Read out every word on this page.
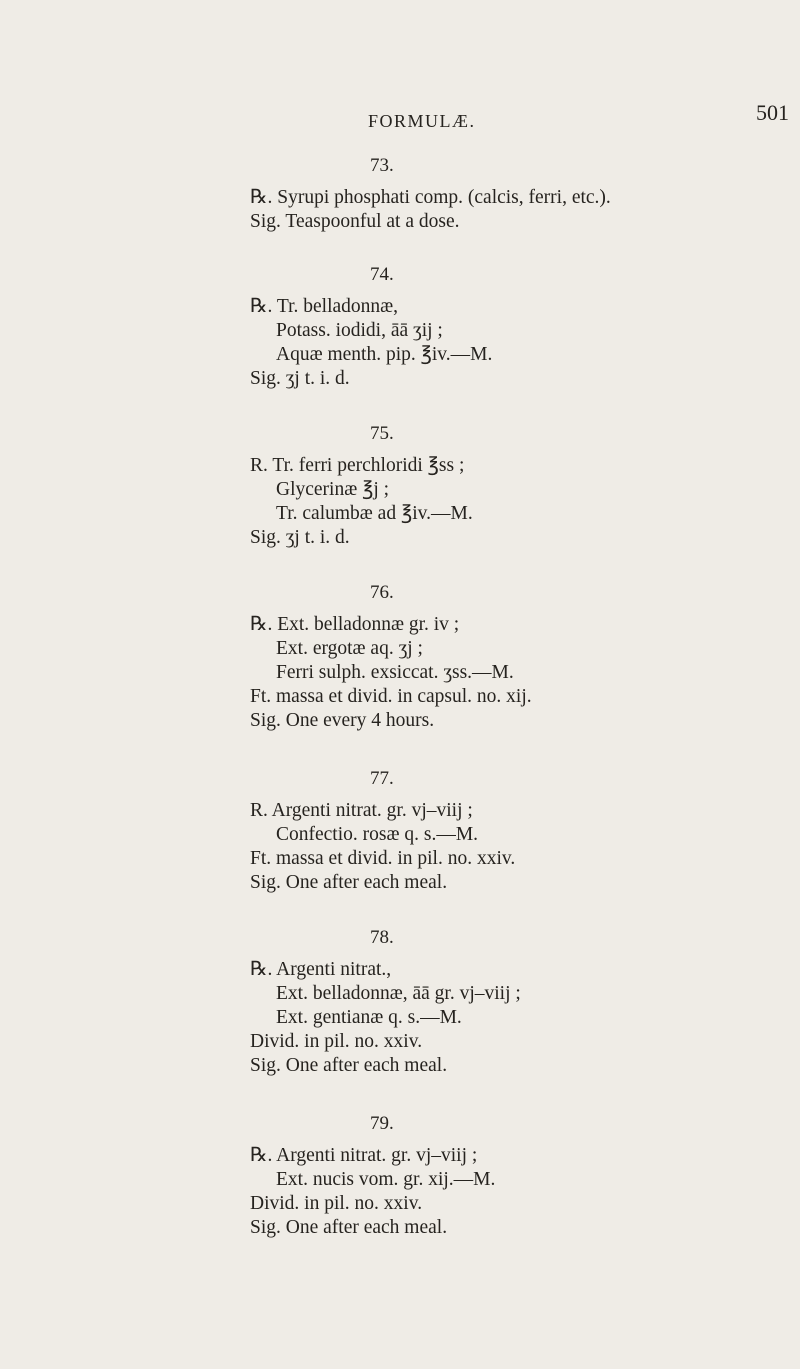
FORMULÆ.	501
73.
℞. Syrupi phosphati comp. (calcis, ferri, etc.).
Sig. Teaspoonful at a dose.
74.
℞. Tr. belladonnæ,
Potass. iodidi, āā ʒij ;
Aquæ menth. pip. ℥iv.—M.
Sig. ʒj t. i. d.
75.
R. Tr. ferri perchloridi ℥ss ;
Glycerinæ ℥j ;
Tr. calumbæ ad ℥iv.—M.
Sig. ʒj t. i. d.
76.
℞. Ext. belladonnæ gr. iv ;
Ext. ergotæ aq. ʒj ;
Ferri sulph. exsiccat. ʒss.—M.
Ft. massa et divid. in capsul. no. xij.
Sig. One every 4 hours.
77.
R. Argenti nitrat. gr. vj–viij ;
Confectio. rosæ q. s.—M.
Ft. massa et divid. in pil. no. xxiv.
Sig. One after each meal.
78.
℞. Argenti nitrat.,
Ext. belladonnæ, āā gr. vj–viij ;
Ext. gentianæ q. s.—M.
Divid. in pil. no. xxiv.
Sig. One after each meal.
79.
℞. Argenti nitrat. gr. vj–viij ;
Ext. nucis vom. gr. xij.—M.
Divid. in pil. no. xxiv.
Sig. One after each meal.
